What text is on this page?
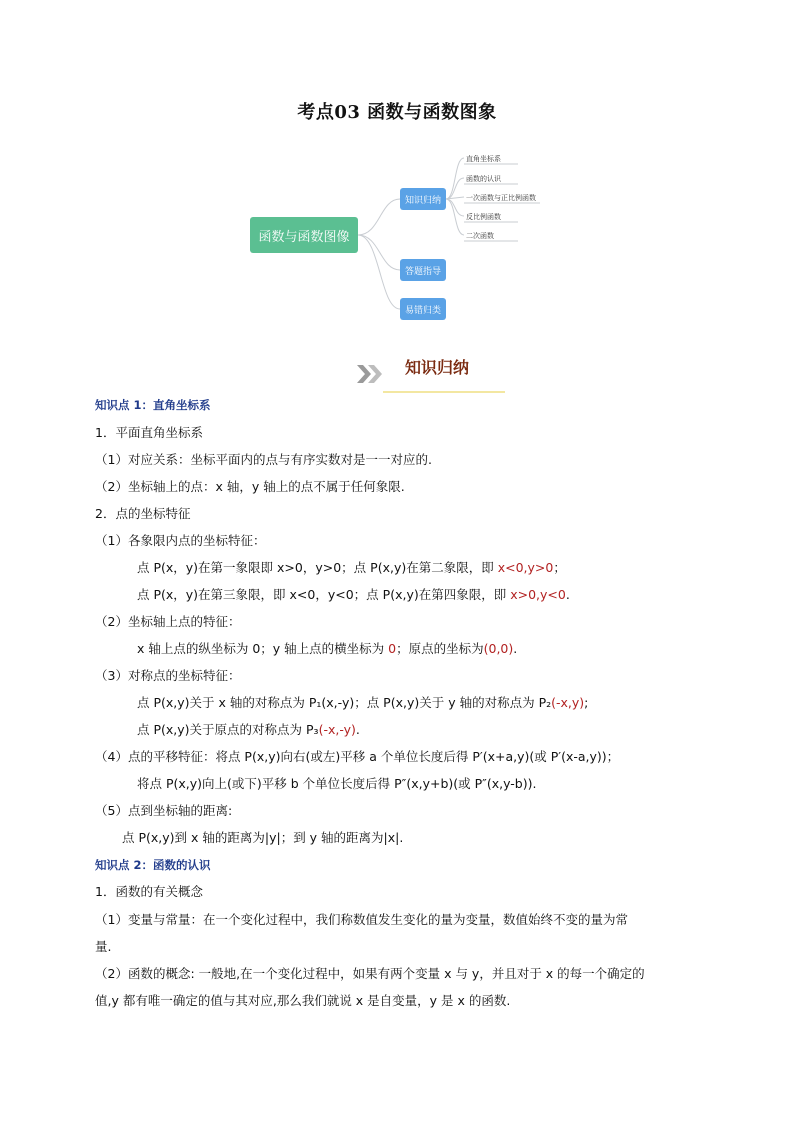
考点03 函数与函数图象
函数与函数图像
知识归纳
答题指导
易错归类
直角坐标系
函数的认识
一次函数与正比例函数
反比例函数
二次函数
知识归纳
知识点 1：直角坐标系
1．平面直角坐标系
（1）对应关系：坐标平面内的点与有序实数对是一一对应的.
（2）坐标轴上的点：x 轴，y 轴上的点不属于任何象限.
2．点的坐标特征
（1）各象限内点的坐标特征：
点 P(x，y)在第一象限即 x>0，y>0；点 P(x,y)在第二象限，即 x<0,y>0；
点 P(x，y)在第三象限，即 x<0，y<0；点 P(x,y)在第四象限，即 x>0,y<0.
（2）坐标轴上点的特征：
x 轴上点的纵坐标为 0；y 轴上点的横坐标为 0；原点的坐标为(0,0).
（3）对称点的坐标特征：
点 P(x,y)关于 x 轴的对称点为 P₁(x,-y)；点 P(x,y)关于 y 轴的对称点为 P₂(-x,y);
点 P(x,y)关于原点的对称点为 P₃(-x,-y).
（4）点的平移特征：将点 P(x,y)向右(或左)平移 a 个单位长度后得 P′(x+a,y)(或 P′(x-a,y))；
将点 P(x,y)向上(或下)平移 b 个单位长度后得 P″(x,y+b)(或 P″(x,y-b)).
（5）点到坐标轴的距离:
点 P(x,y)到 x 轴的距离为|y|；到 y 轴的距离为|x|.
知识点 2：函数的认识
1．函数的有关概念
（1）变量与常量：在一个变化过程中，我们称数值发生变化的量为变量，数值始终不变的量为常
量.
（2）函数的概念: 一般地,在一个变化过程中，如果有两个变量 x 与 y，并且对于 x 的每一个确定的
值,y 都有唯一确定的值与其对应,那么我们就说 x 是自变量，y 是 x 的函数.
